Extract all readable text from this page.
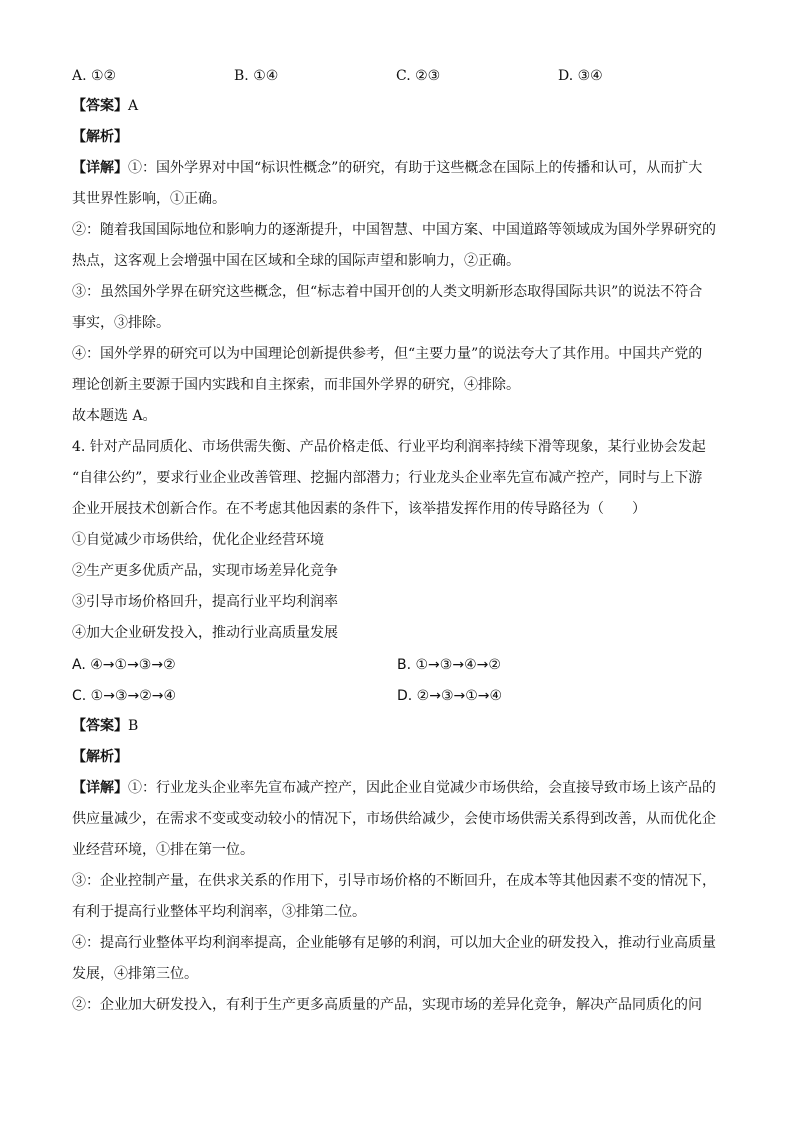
A. ①②	B. ①④	C. ②③	D. ③④

【答案】A

【解析】

【详解】①：国外学界对中国“标识性概念”的研究，有助于这些概念在国际上的传播和认可，从而扩大

其世界性影响，①正确。

②：随着我国国际地位和影响力的逐渐提升，中国智慧、中国方案、中国道路等领域成为国外学界研究的

热点，这客观上会增强中国在区域和全球的国际声望和影响力，②正确。

③：虽然国外学界在研究这些概念，但“标志着中国开创的人类文明新形态取得国际共识”的说法不符合

事实，③排除。

④：国外学界的研究可以为中国理论创新提供参考，但“主要力量”的说法夸大了其作用。中国共产党的

理论创新主要源于国内实践和自主探索，而非国外学界的研究，④排除。

故本题选 A。

4. 针对产品同质化、市场供需失衡、产品价格走低、行业平均利润率持续下滑等现象，某行业协会发起

“自律公约”，要求行业企业改善管理、挖掘内部潜力；行业龙头企业率先宣布减产控产，同时与上下游

企业开展技术创新合作。在不考虑其他因素的条件下，该举措发挥作用的传导路径为（　　）

①自觉减少市场供给，优化企业经营环境

②生产更多优质产品，实现市场差异化竞争

③引导市场价格回升，提高行业平均利润率

④加大企业研发投入，推动行业高质量发展

A. ④→①→③→②	B. ①→③→④→②
C. ①→③→②→④	D. ②→③→①→④

【答案】B

【解析】

【详解】①：行业龙头企业率先宣布减产控产，因此企业自觉减少市场供给，会直接导致市场上该产品的

供应量减少，在需求不变或变动较小的情况下，市场供给减少，会使市场供需关系得到改善，从而优化企

业经营环境，①排在第一位。

③：企业控制产量，在供求关系的作用下，引导市场价格的不断回升，在成本等其他因素不变的情况下，

有利于提高行业整体平均利润率，③排第二位。

④：提高行业整体平均利润率提高，企业能够有足够的利润，可以加大企业的研发投入，推动行业高质量

发展，④排第三位。

②：企业加大研发投入，有利于生产更多高质量的产品，实现市场的差异化竞争，解决产品同质化的问
